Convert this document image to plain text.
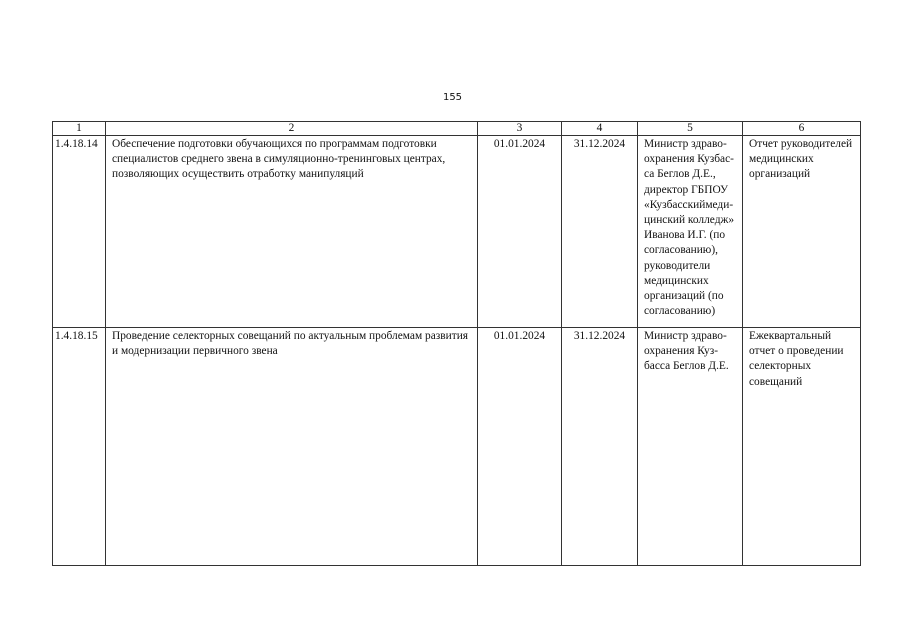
155
1	2	3	4	5	6
1.4.18.14	Обеспечение подготовки обучающихся по программам подготовки специалистов среднего звена в симуляционно-тренинговых центрах, позволяющих осуществить отработку манипуляций	01.01.2024	31.12.2024	Министр здраво-охранения Кузбас-са Беглов Д.Е., директор ГБПОУ «Кузбасскиймеди-цинский колледж» Иванова И.Г. (по согласованию), руководители медицинских организаций (по согласованию)	Отчет руководителей медицинских организаций
1.4.18.15	Проведение селекторных совещаний по актуальным проблемам развития и модернизации первичного звена	01.01.2024	31.12.2024	Министр здраво-охранения Куз-басса Беглов Д.Е.	Ежеквартальный отчет о проведении селекторных совещаний
